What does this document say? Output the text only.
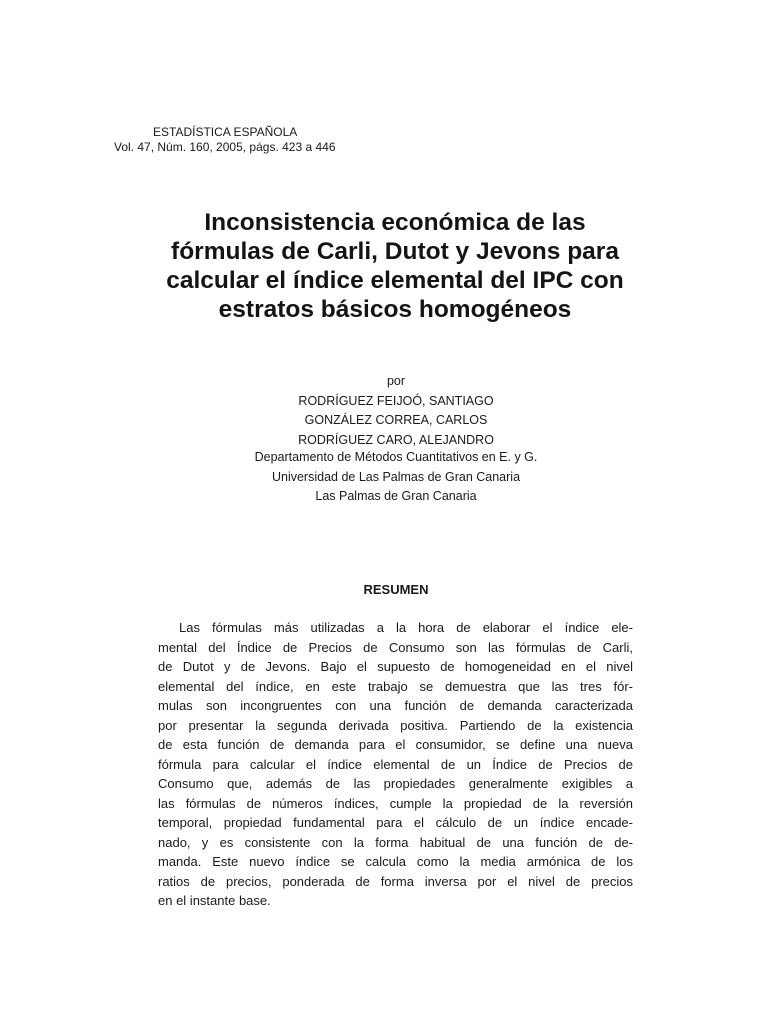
ESTADÍSTICA ESPAÑOLA
Vol. 47, Núm. 160, 2005, págs. 423 a 446
Inconsistencia económica de las
fórmulas de Carli, Dutot y Jevons para
calcular el índice elemental del IPC con
estratos básicos homogéneos
por
RODRÍGUEZ FEIJOÓ, SANTIAGO
GONZÁLEZ CORREA, CARLOS
RODRÍGUEZ CARO, ALEJANDRO
Departamento de Métodos Cuantitativos en E. y G.
Universidad de Las Palmas de Gran Canaria
Las Palmas de Gran Canaria
RESUMEN
Las fórmulas más utilizadas a la hora de elaborar el índice ele-
mental del Índice de Precios de Consumo son las fórmulas de Carli,
de Dutot y de Jevons. Bajo el supuesto de homogeneidad en el nivel
elemental del índice, en este trabajo se demuestra que las tres fór-
mulas son incongruentes con una función de demanda caracterizada
por presentar la segunda derivada positiva. Partiendo de la existencia
de esta función de demanda para el consumidor, se define una nueva
fórmula para calcular el índice elemental de un Índice de Precios de
Consumo que, además de las propiedades generalmente exigibles a
las fórmulas de números índices, cumple la propiedad de la reversión
temporal, propiedad fundamental para el cálculo de un índice encade-
nado, y es consistente con la forma habitual de una función de de-
manda. Este nuevo índice se calcula como la media armónica de los
ratios de precios, ponderada de forma inversa por el nivel de precios
en el instante base.
